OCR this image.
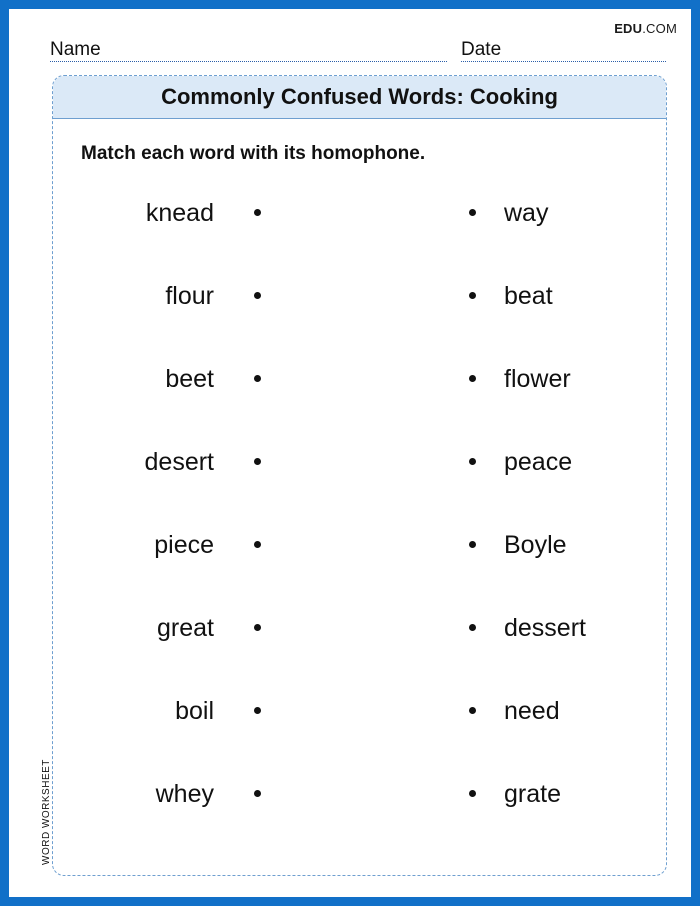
EDU.COM
Name	Date
Commonly Confused Words: Cooking
Match each word with its homophone.
knead	way
flour	beat
beet	flower
desert	peace
piece	Boyle
great	dessert
boil	need
whey	grate
WORD WORKSHEET
